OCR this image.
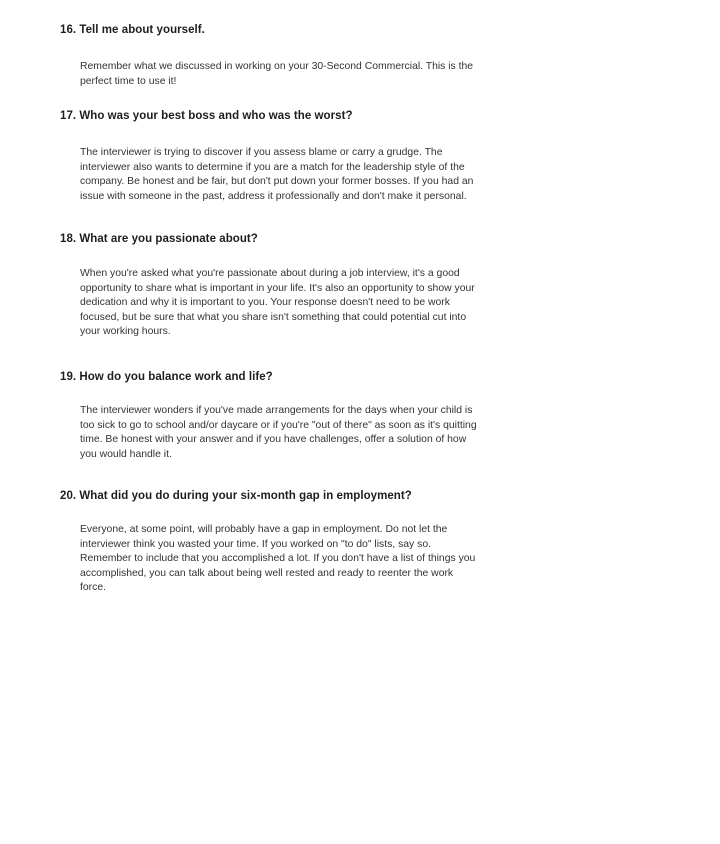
16. Tell me about yourself.
Remember what we discussed in working on your 30-Second Commercial. This is the
perfect time to use it!
17. Who was your best boss and who was the worst?
The interviewer is trying to discover if you assess blame or carry a grudge. The
interviewer also wants to determine if you are a match for the leadership style of the
company. Be honest and be fair, but don't put down your former bosses. If you had an
issue with someone in the past, address it professionally and don't make it personal.
18. What are you passionate about?
When you're asked what you're passionate about during a job interview, it's a good
opportunity to share what is important in your life. It's also an opportunity to show your
dedication and why it is important to you. Your response doesn't need to be work
focused, but be sure that what you share isn't something that could potential cut into
your working hours.
19. How do you balance work and life?
The interviewer wonders if you've made arrangements for the days when your child is
too sick to go to school and/or daycare or if you're "out of there" as soon as it's quitting
time. Be honest with your answer and if you have challenges, offer a solution of how
you would handle it.
20. What did you do during your six-month gap in employment?
Everyone, at some point, will probably have a gap in employment. Do not let the
interviewer think you wasted your time. If you worked on "to do" lists, say so.
Remember to include that you accomplished a lot. If you don't have a list of things you
accomplished, you can talk about being well rested and ready to reenter the work
force.
